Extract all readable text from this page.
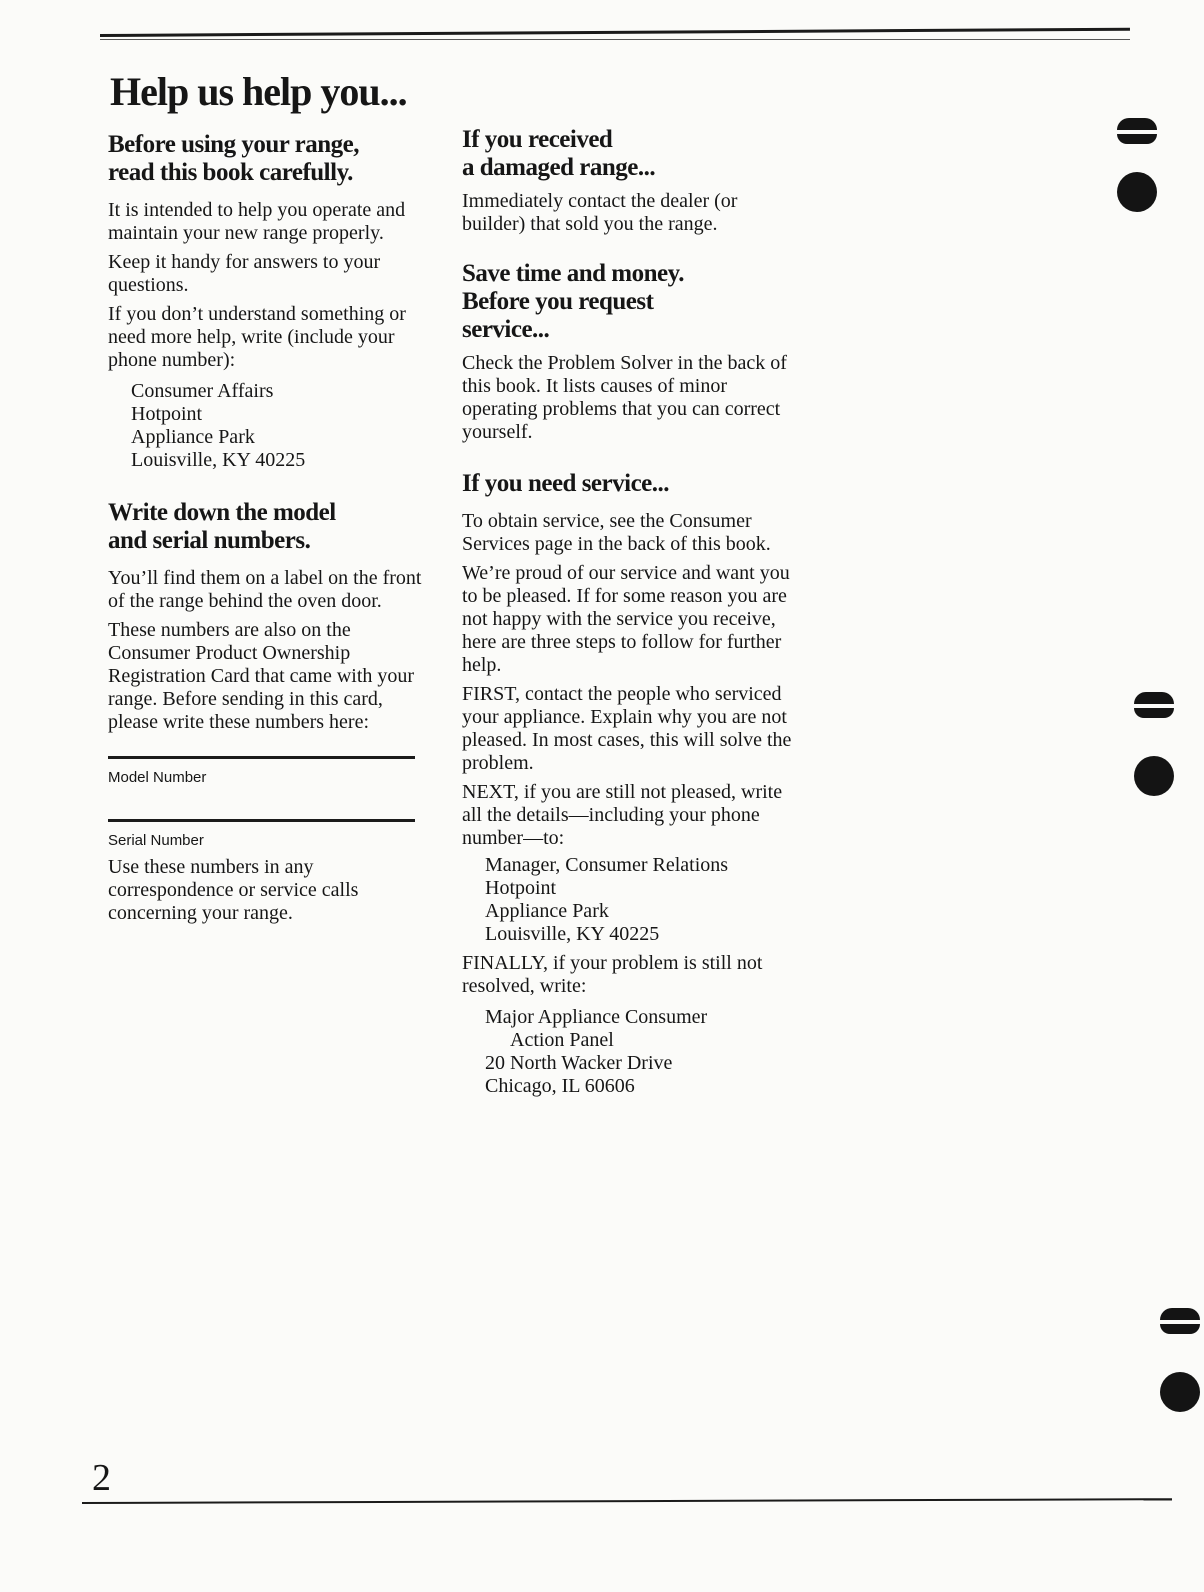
Help us help you...
Before using your range,
read this book carefully.

It is intended to help you operate and maintain your new range properly.

Keep it handy for answers to your questions.

If you don’t understand something or need more help, write (include your phone number):

Consumer Affairs
Hotpoint
Appliance Park
Louisville, KY 40225
Write down the model
and serial numbers.

You’ll find them on a label on the front of the range behind the oven door.

These numbers are also on the Consumer Product Ownership Registration Card that came with your range. Before sending in this card, please write these numbers here:

Model Number
Serial Number

Use these numbers in any correspondence or service calls concerning your range.

If you received
a damaged range...

Immediately contact the dealer (or builder) that sold you the range.

Save time and money.
Before you request
service...

Check the Problem Solver in the back of this book. It lists causes of minor operating problems that you can correct yourself.

If you need service...

To obtain service, see the Consumer Services page in the back of this book.

We’re proud of our service and want you to be pleased. If for some reason you are not happy with the service you receive, here are three steps to follow for further help.

FIRST, contact the people who serviced your appliance. Explain why you are not pleased. In most cases, this will solve the problem.

NEXT, if you are still not pleased, write all the details—including your phone number—to:

Manager, Consumer Relations
Hotpoint
Appliance Park
Louisville, KY 40225

FINALLY, if your problem is still not resolved, write:

Major Appliance Consumer
Action Panel
20 North Wacker Drive
Chicago, IL 60606
2
